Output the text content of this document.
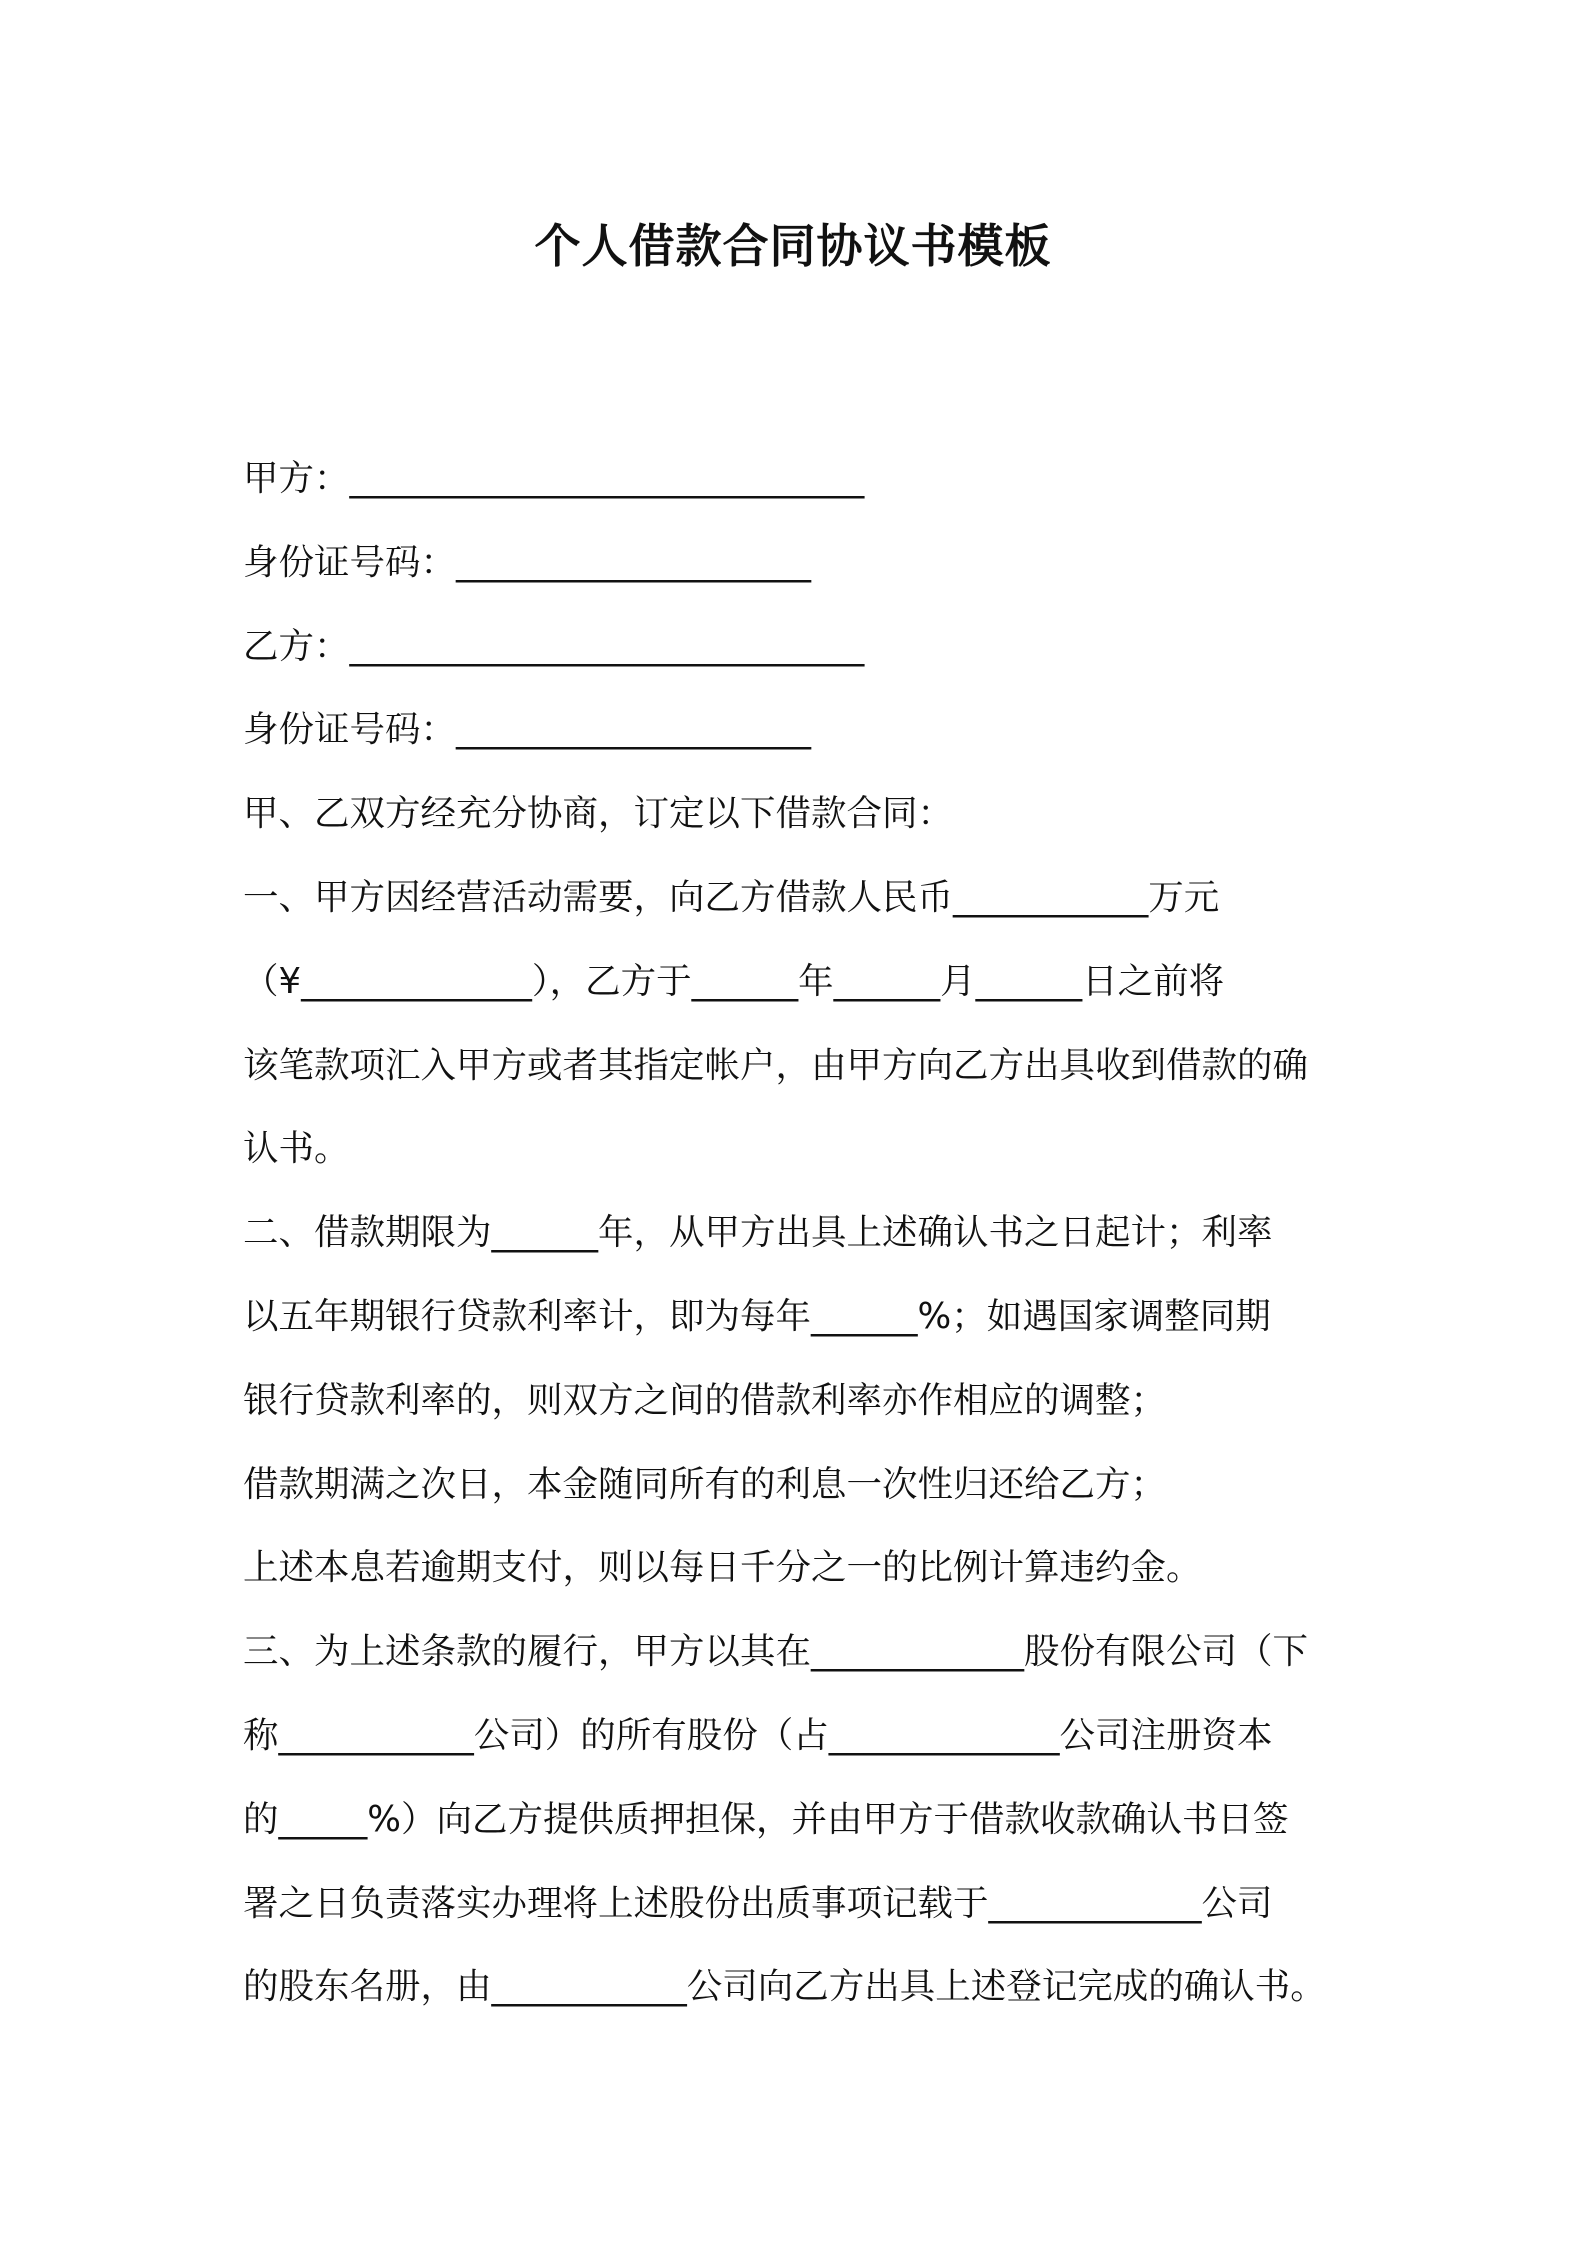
个人借款合同协议书模板
甲方：_____________________________
身份证号码：____________________
乙方：_____________________________
身份证号码：____________________
甲、乙双方经充分协商，订定以下借款合同：
一、甲方因经营活动需要，向乙方借款人民币___________万元
（¥_____________），乙方于______年______月______日之前将
该笔款项汇入甲方或者其指定帐户，由甲方向乙方出具收到借款的确
认书。
二、借款期限为______年，从甲方出具上述确认书之日起计；利率
以五年期银行贷款利率计，即为每年______%；如遇国家调整同期
银行贷款利率的，则双方之间的借款利率亦作相应的调整；
借款期满之次日，本金随同所有的利息一次性归还给乙方；
上述本息若逾期支付，则以每日千分之一的比例计算违约金。
三、为上述条款的履行，甲方以其在____________股份有限公司（下
称___________公司）的所有股份（占_____________公司注册资本
的_____%）向乙方提供质押担保，并由甲方于借款收款确认书日签
署之日负责落实办理将上述股份出质事项记载于____________公司
的股东名册，由___________公司向乙方出具上述登记完成的确认书。
